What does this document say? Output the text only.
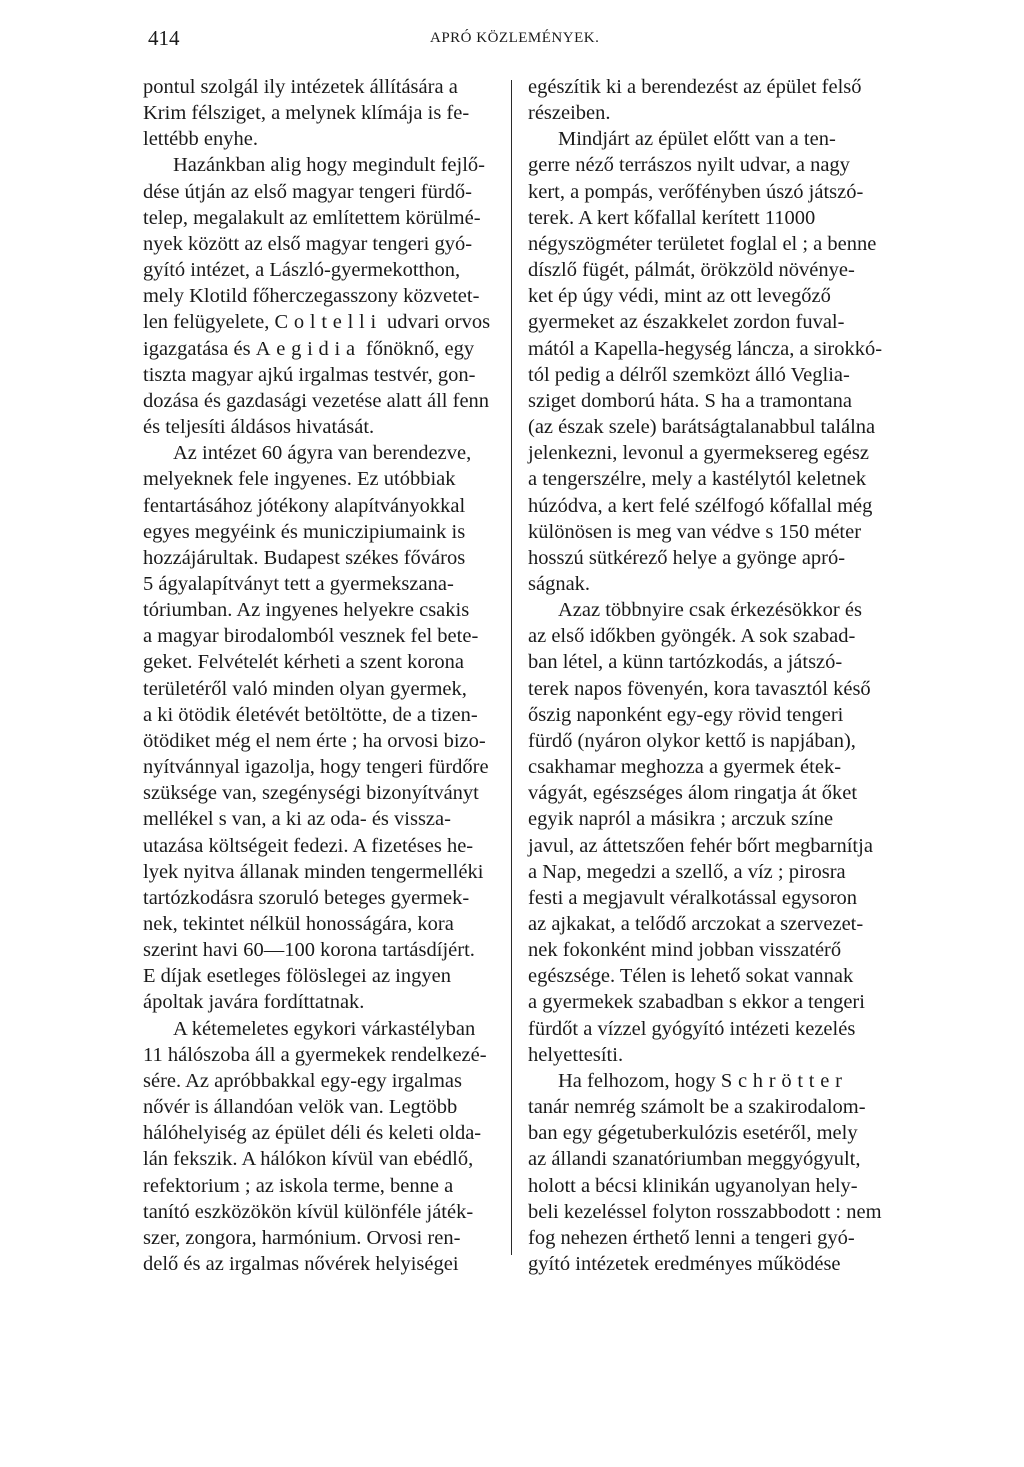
414	APRÓ KÖZLEMÉNYEK.
pontul szolgál ily intézetek állítására a
Krim félsziget, a melynek klímája is fe-
lettébb enyhe.
Hazánkban alig hogy megindult fejlő-
dése útján az első magyar tengeri fürdő-
telep, megalakult az említettem körülmé-
nyek között az első magyar tengeri gyó-
gyító intézet, a László-gyermekotthon,
mely Klotild főherczegasszony közvetet-
len felügyelete, Coltelli udvari orvos
igazgatása és Aegidia főnöknő, egy
tiszta magyar ajkú irgalmas testvér, gon-
dozása és gazdasági vezetése alatt áll fenn
és teljesíti áldásos hivatását.
Az intézet 60 ágyra van berendezve,
melyeknek fele ingyenes. Ez utóbbiak
fentartásához jótékony alapítványokkal
egyes megyéink és municzipiumaink is
hozzájárultak. Budapest székes főváros
5 ágyalapítványt tett a gyermekszana-
tóriumban. Az ingyenes helyekre csakis
a magyar birodalomból vesznek fel bete-
geket. Felvételét kérheti a szent korona
területéről való minden olyan gyermek,
a ki ötödik életévét betöltötte, de a tizen-
ötödiket még el nem érte ; ha orvosi bizo-
nyítvánnyal igazolja, hogy tengeri fürdőre
szüksége van, szegénységi bizonyítványt
mellékel s van, a ki az oda- és vissza-
utazása költségeit fedezi. A fizetéses he-
lyek nyitva állanak minden tengermelléki
tartózkodásra szoruló beteges gyermek-
nek, tekintet nélkül honosságára, kora
szerint havi 60—100 korona tartásdíjért.
E díjak esetleges fölöslegei az ingyen
ápoltak javára fordíttatnak.
A kétemeletes egykori várkastélyban
11 hálószoba áll a gyermekek rendelkezé-
sére. Az apróbbakkal egy-egy irgalmas
nővér is állandóan velök van. Legtöbb
hálóhelyiség az épület déli és keleti olda-
lán fekszik. A hálókon kívül van ebédlő,
refektorium ; az iskola terme, benne a
tanító eszközökön kívül különféle játék-
szer, zongora, harmónium. Orvosi ren-
delő és az irgalmas nővérek helyiségei
egészítik ki a berendezést az épület felső
részeiben.
Mindjárt az épület előtt van a ten-
gerre néző terrászos nyilt udvar, a nagy
kert, a pompás, verőfényben úszó játszó-
terek. A kert kőfallal kerített 11000
négyszögméter területet foglal el ; a benne
díszlő fügét, pálmát, örökzöld növénye-
ket ép úgy védi, mint az ott levegőző
gyermeket az északkelet zordon fuval-
mától a Kapella-hegység láncza, a sirokkó-
tól pedig a délről szemközt álló Veglia-
sziget domború háta. S ha a tramontana
(az észak szele) barátságtalanabbul találna
jelenkezni, levonul a gyermeksereg egész
a tengerszélre, mely a kastélytól keletnek
húzódva, a kert felé szélfogó kőfallal még
különösen is meg van védve s 150 méter
hosszú sütkérező helye a gyönge apró-
ságnak.
Azaz többnyire csak érkezésökkor és
az első időkben gyöngék. A sok szabad-
ban létel, a künn tartózkodás, a játszó-
terek napos fövenyén, kora tavasztól késő
őszig naponként egy-egy rövid tengeri
fürdő (nyáron olykor kettő is napjában),
csakhamar meghozza a gyermek étek-
vágyát, egészséges álom ringatja át őket
egyik napról a másikra ; arczuk színe
javul, az áttetszően fehér bőrt megbarnítja
a Nap, megedzi a szellő, a víz ; pirosra
festi a megjavult véralkotással egysoron
az ajkakat, a telődő arczokat a szervezet-
nek fokonként mind jobban visszatérő
egészsége. Télen is lehető sokat vannak
a gyermekek szabadban s ekkor a tengeri
fürdőt a vízzel gyógyító intézeti kezelés
helyettesíti.
Ha felhozom, hogy Schrötter
tanár nemrég számolt be a szakirodalom-
ban egy gégetuberkulózis esetéről, mely
az állandi szanatóriumban meggyógyult,
holott a bécsi klinikán ugyanolyan hely-
beli kezeléssel folyton rosszabbodott : nem
fog nehezen érthető lenni a tengeri gyó-
gyító intézetek eredményes működése
